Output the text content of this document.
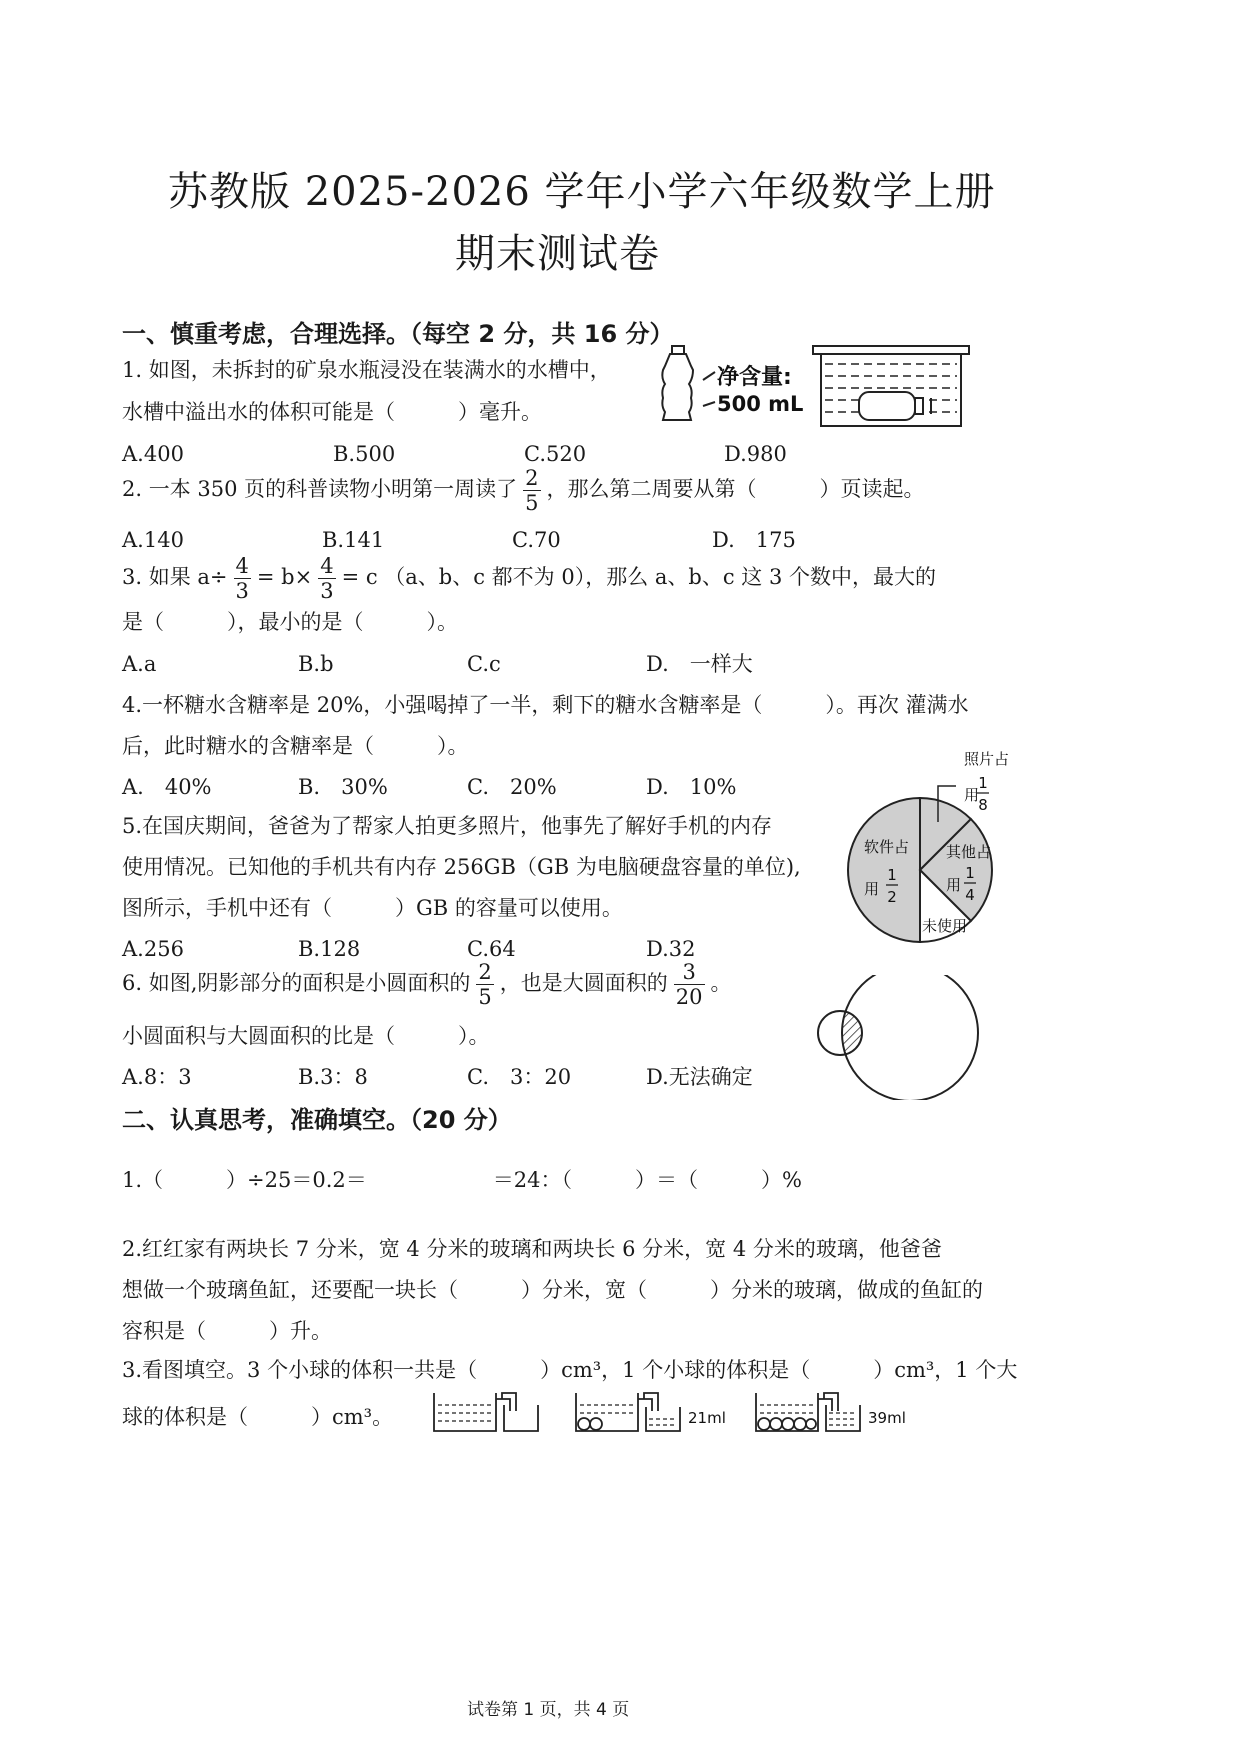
苏教版 2025-2026 学年小学六年级数学上册
期末测试卷
一、慎重考虑，合理选择。（每空 2 分，共 16 分）
1. 如图，未拆封的矿泉水瓶浸没在装满水的水槽中，
水槽中溢出水的体积可能是（　　　）毫升。
净含量:
500 mL
A.400	B.500	C.520	D.980
2. 一本 350 页的科普读物小明第一周读了 $\frac{2}{5}$ ，那么第二周要从第（　　　）页读起。
A.140	B.141	C.70	D.　175
3. 如果 $a\div \frac{4}{3} = b\times \frac{4}{3} = c$ （a、b、c 都不为 0），那么 a、b、c 这 3 个数中，最大的
是（　　　），最小的是（　　　）。
A.a	B.b	C.c	D.　一样大
4.一杯糖水含糖率是 20%，小强喝掉了一半，剩下的糖水含糖率是（　　　）。再次 灌满水
后，此时糖水的含糖率是（　　　）。
A.　40%	B.　30%	C.　20%	D.　10%
5.在国庆期间，爸爸为了帮家人拍更多照片，他事先了解好手机的内存
使用情况。已知他的手机共有内存 256GB（GB 为电脑硬盘容量的单位),
图所示，手机中还有（　　　）GB 的容量可以使用。
照片占
用
1
8
软件占
用
1
2
其他占
用
1
4
未使用
A.256	B.128	C.64	D.32
6. 如图,阴影部分的面积是小圆面积的 $\frac{2}{5}$ ，也是大圆面积的 $\frac{3}{20}$ 。
小圆面积与大圆面积的比是（　　　）。
A.8：3	B.3：8	C.　3：20	D.无法确定
二、认真思考，准确填空。（20 分）
1.（　　　）÷25＝0.2＝　　　　　　＝24：（　　　）＝（　　　）%
2.红红家有两块长 7 分米，宽 4 分米的玻璃和两块长 6 分米，宽 4 分米的玻璃，他爸爸
想做一个玻璃鱼缸，还要配一块长（　　　）分米，宽（　　　）分米的玻璃，做成的鱼缸的
容积是（　　　）升。
3.看图填空。3 个小球的体积一共是（　　　）cm³，1 个小球的体积是（　　　）cm³，1 个大
球的体积是（　　　）cm³。	21ml	39ml
试卷第 1 页，共 4 页
